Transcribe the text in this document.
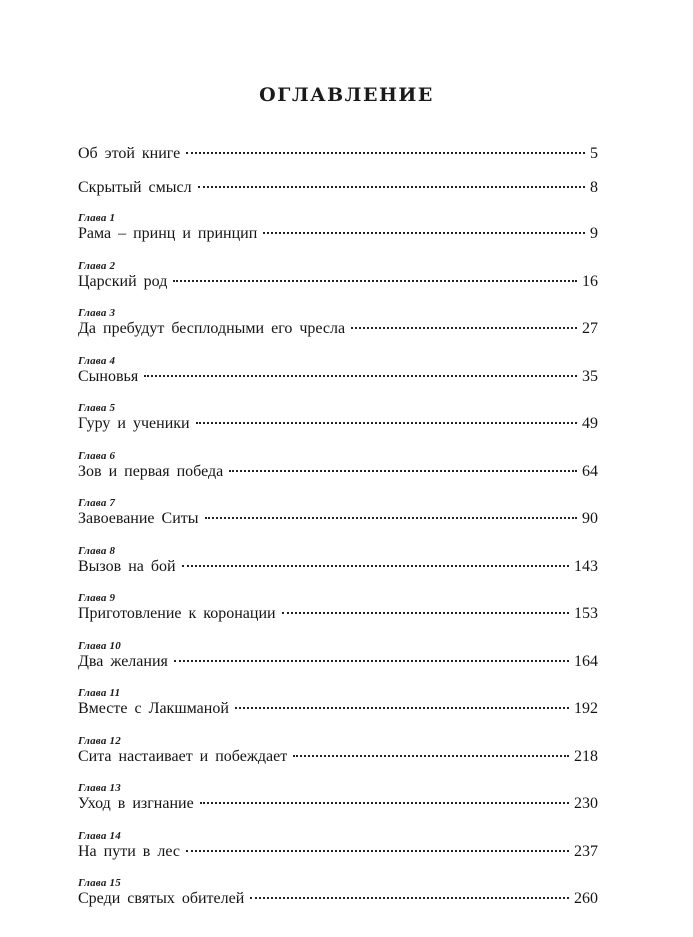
ОГЛАВЛЕНИЕ
Об этой книге	5
Скрытый смысл	8
Глава 1
Рама – принц и принцип	9
Глава 2
Царский род	16
Глава 3
Да пребудут бесплодными его чресла	27
Глава 4
Сыновья	35
Глава 5
Гуру и ученики	49
Глава 6
Зов и первая победа	64
Глава 7
Завоевание Ситы	90
Глава 8
Вызов на бой	143
Глава 9
Приготовление к коронации	153
Глава 10
Два желания	164
Глава 11
Вместе с Лакшманой	192
Глава 12
Сита настаивает и побеждает	218
Глава 13
Уход в изгнание	230
Глава 14
На пути в лес	237
Глава 15
Среди святых обителей	260
